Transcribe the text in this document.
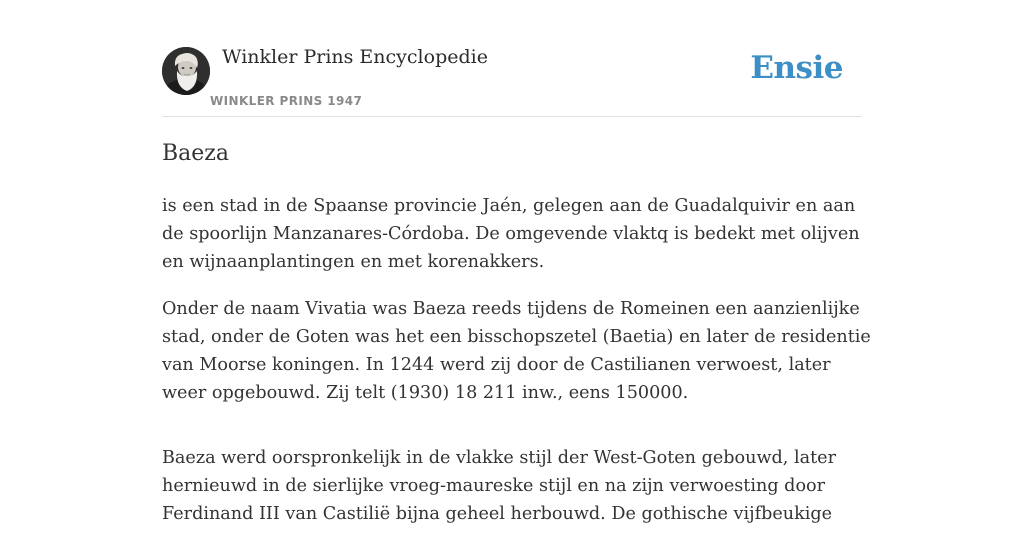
Winkler Prins Encyclopedie
WINKLER PRINS 1947
Ensie
Baeza

is een stad in de Spaanse provincie Jaén, gelegen aan de Guadalquivir en aan de spoorlijn Manzanares-Córdoba. De omgevende vlaktq is bedekt met olijven en wijnaanplantingen en met korenakkers.

Onder de naam Vivatia was Baeza reeds tijdens de Romeinen een aanzienlijke stad, onder de Goten was het een bisschopszetel (Baetia) en later de residentie van Moorse koningen. In 1244 werd zij door de Castilianen verwoest, later weer opgebouwd. Zij telt (1930) 18 211 inw., eens 150000.

Baeza werd oorspronkelijk in de vlakke stijl der West-Goten gebouwd, later hernieuwd in de sierlijke vroeg-maureske stijl en na zijn verwoesting door Ferdinand III van Castilië bijna geheel herbouwd. De gothische vijfbeukige
